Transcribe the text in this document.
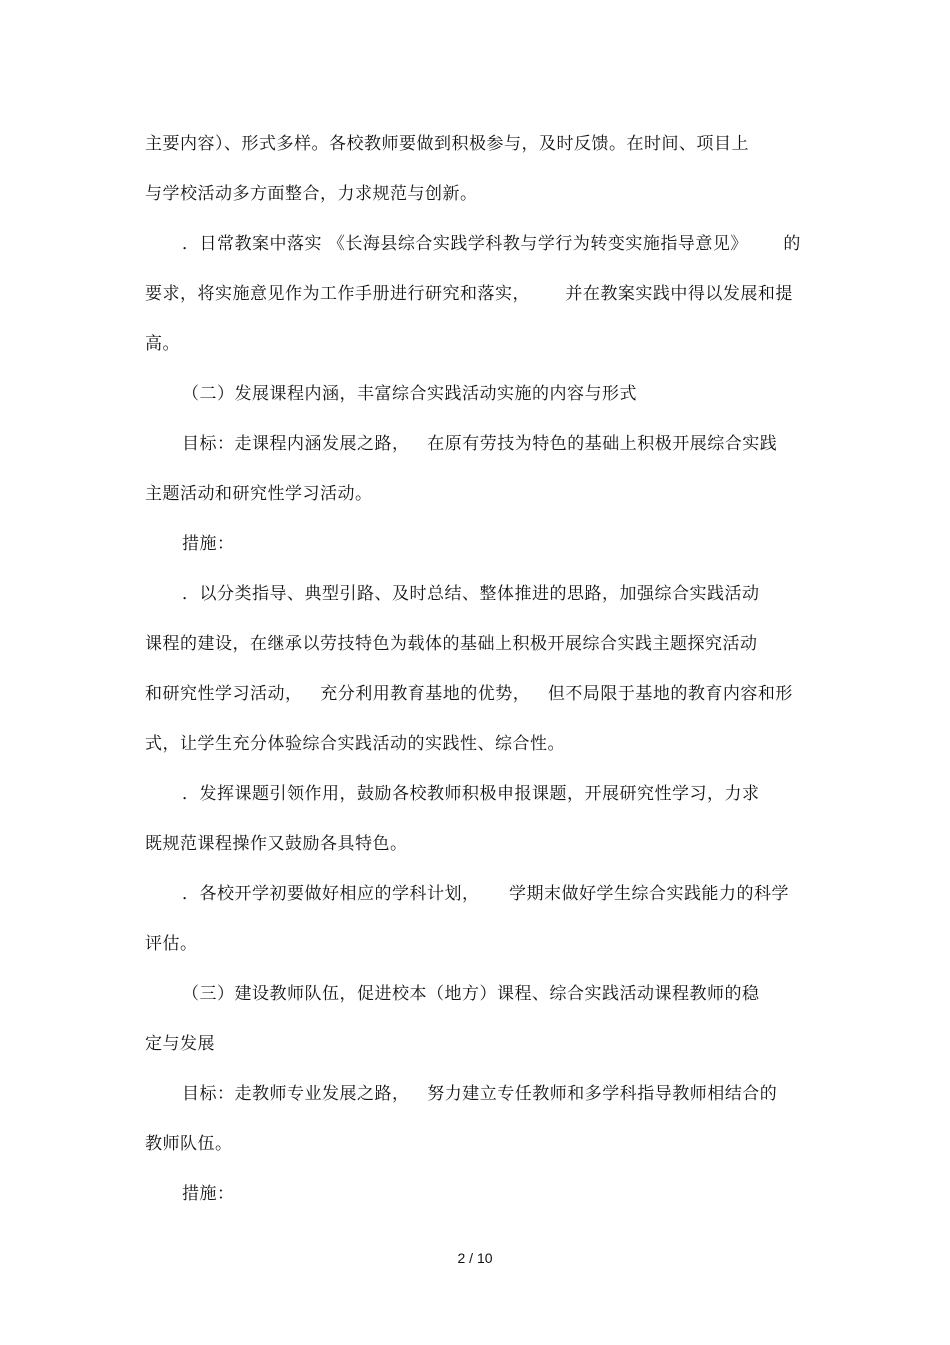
主要内容）、形式多样。各校教师要做到积极参与，及时反馈。在时间、项目上
与学校活动多方面整合，力求规范与创新。
．日常教案中落实 《长海县综合实践学科教与学行为转变实施指导意见》      的
要求，将实施意见作为工作手册进行研究和落实，      并在教案实践中得以发展和提
高。
（二）发展课程内涵，丰富综合实践活动实施的内容与形式
目标：走课程内涵发展之路，   在原有劳技为特色的基础上积极开展综合实践
主题活动和研究性学习活动。
措施：
．以分类指导、典型引路、及时总结、整体推进的思路，加强综合实践活动
课程的建设，在继承以劳技特色为载体的基础上积极开展综合实践主题探究活动
和研究性学习活动，   充分利用教育基地的优势，   但不局限于基地的教育内容和形
式，让学生充分体验综合实践活动的实践性、综合性。
．发挥课题引领作用，鼓励各校教师积极申报课题，开展研究性学习，力求
既规范课程操作又鼓励各具特色。
．各校开学初要做好相应的学科计划，     学期末做好学生综合实践能力的科学
评估。
（三）建设教师队伍，促进校本（地方）课程、综合实践活动课程教师的稳
定与发展
目标：走教师专业发展之路，   努力建立专任教师和多学科指导教师相结合的
教师队伍。
措施：
2 / 10
